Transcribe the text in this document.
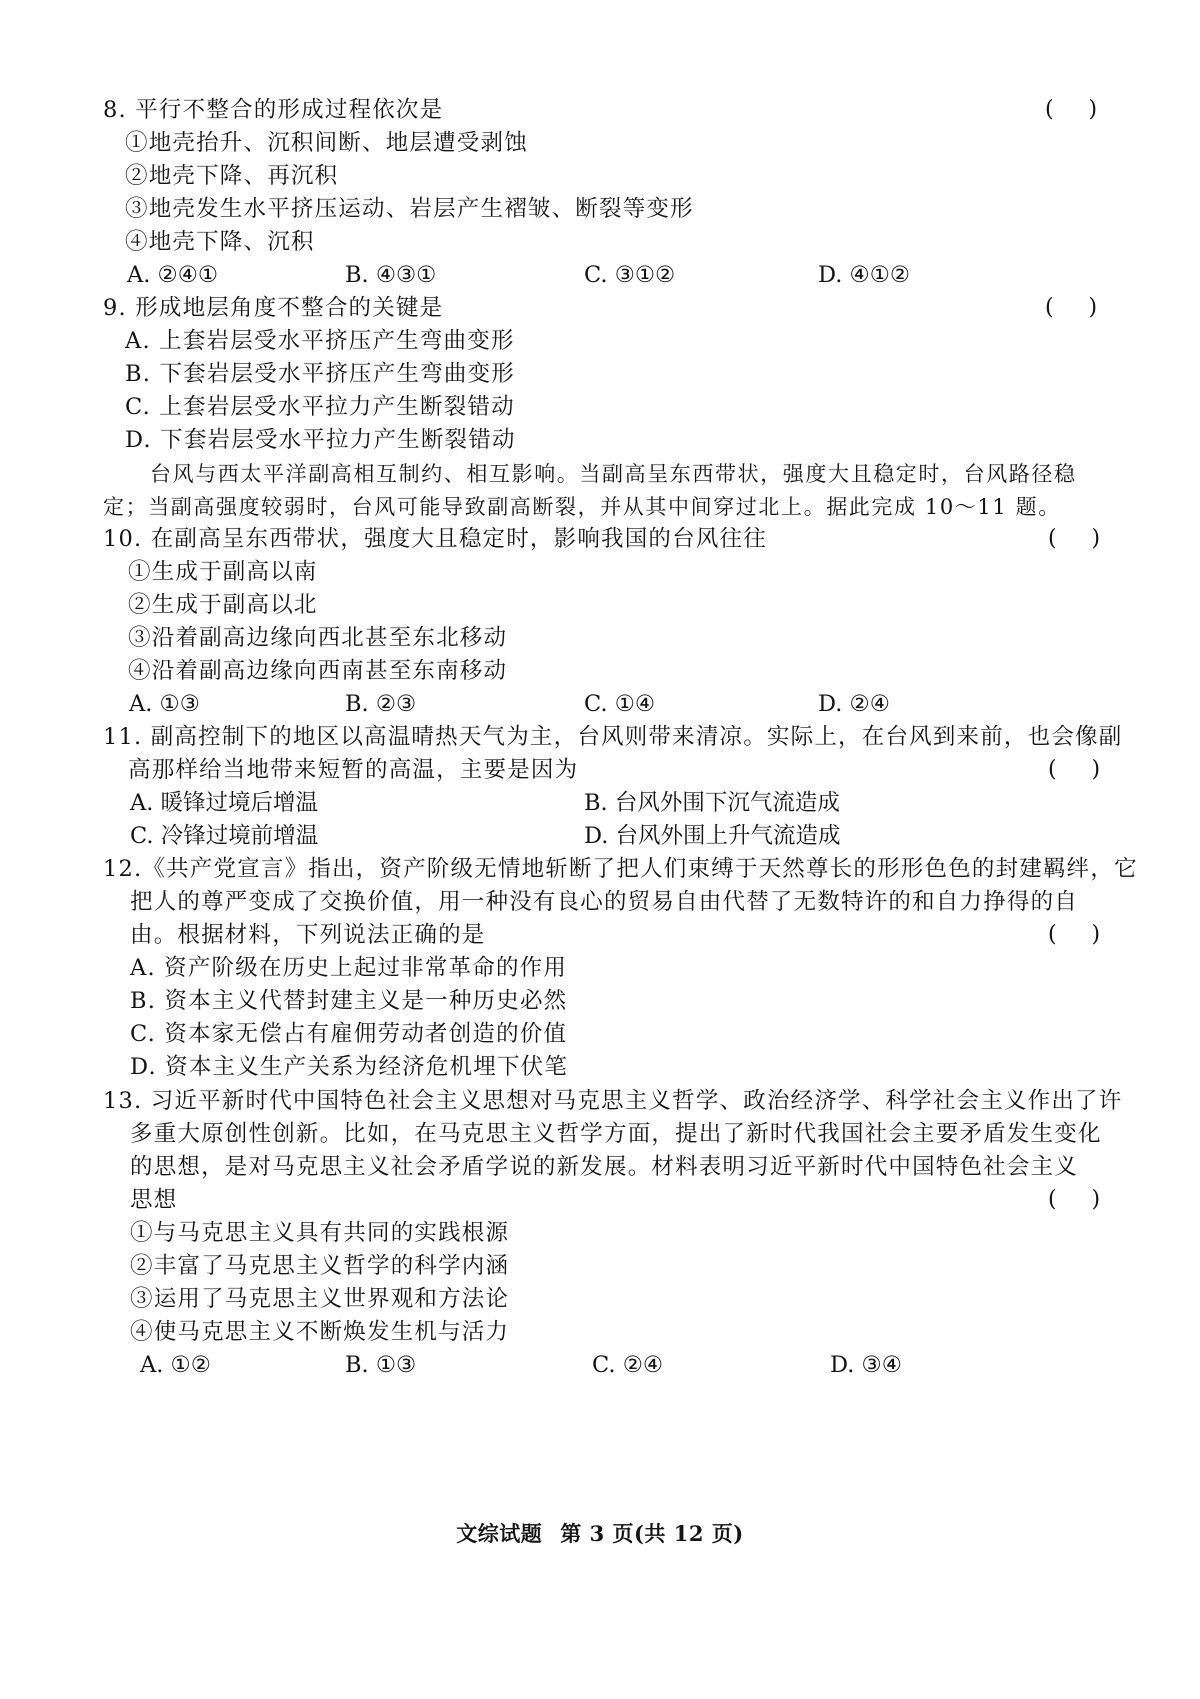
8. 平行不整合的形成过程依次是	(     )
①地壳抬升、沉积间断、地层遭受剥蚀
②地壳下降、再沉积
③地壳发生水平挤压运动、岩层产生褶皱、断裂等变形
④地壳下降、沉积
A. ②④①	B. ④③①	C. ③①②	D. ④①②
9. 形成地层角度不整合的关键是	(     )
A. 上套岩层受水平挤压产生弯曲变形
B. 下套岩层受水平挤压产生弯曲变形
C. 上套岩层受水平拉力产生断裂错动
D. 下套岩层受水平拉力产生断裂错动
台风与西太平洋副高相互制约、相互影响。当副高呈东西带状，强度大且稳定时，台风路径稳
定；当副高强度较弱时，台风可能导致副高断裂，并从其中间穿过北上。据此完成 10～11 题。
10. 在副高呈东西带状，强度大且稳定时，影响我国的台风往往	(     )
①生成于副高以南
②生成于副高以北
③沿着副高边缘向西北甚至东北移动
④沿着副高边缘向西南甚至东南移动
A. ①③	B. ②③	C. ①④	D. ②④
11. 副高控制下的地区以高温晴热天气为主，台风则带来清凉。实际上，在台风到来前，也会像副
高那样给当地带来短暂的高温，主要是因为	(     )
A. 暖锋过境后增温	B. 台风外围下沉气流造成
C. 冷锋过境前增温	D. 台风外围上升气流造成
12.《共产党宣言》指出，资产阶级无情地斩断了把人们束缚于天然尊长的形形色色的封建羁绊，它
把人的尊严变成了交换价值，用一种没有良心的贸易自由代替了无数特许的和自力挣得的自
由。根据材料，下列说法正确的是	(     )
A. 资产阶级在历史上起过非常革命的作用
B. 资本主义代替封建主义是一种历史必然
C. 资本家无偿占有雇佣劳动者创造的价值
D. 资本主义生产关系为经济危机埋下伏笔
13. 习近平新时代中国特色社会主义思想对马克思主义哲学、政治经济学、科学社会主义作出了许
多重大原创性创新。比如，在马克思主义哲学方面，提出了新时代我国社会主要矛盾发生变化
的思想，是对马克思主义社会矛盾学说的新发展。材料表明习近平新时代中国特色社会主义
思想	(     )
①与马克思主义具有共同的实践根源
②丰富了马克思主义哲学的科学内涵
③运用了马克思主义世界观和方法论
④使马克思主义不断焕发生机与活力
A. ①②	B. ①③	C. ②④	D. ③④
文综试题 第 3 页(共 12 页)
